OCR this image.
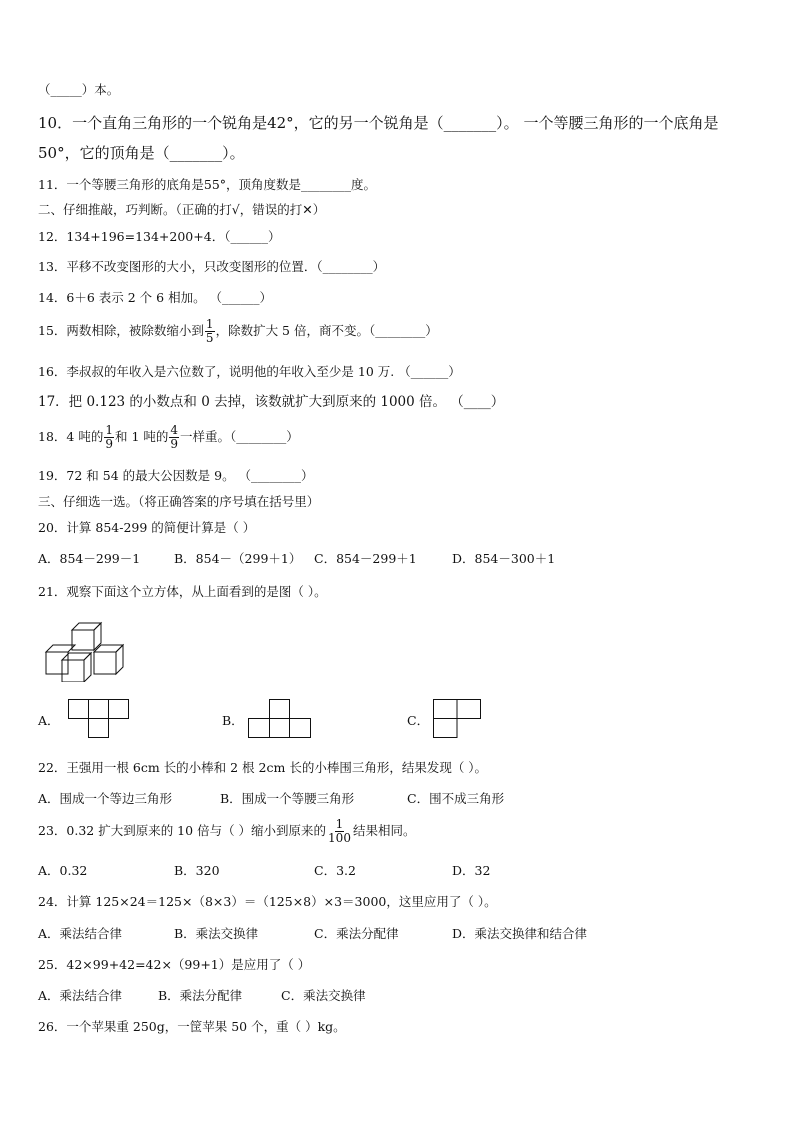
（_____）本。
10．一个直角三角形的一个锐角是42°，它的另一个锐角是（_______）。 一个等腰三角形的一个底角是
50°，它的顶角是（_______）。
11．一个等腰三角形的底角是55°，顶角度数是________度。
二、仔细推敲，巧判断。（正确的打√，错误的打✕）
12．134+196=134+200+4．（______）
13．平移不改变图形的大小，只改变图形的位置．（________）
14．6＋6 表示 2 个 6 相加。 （______）
15．两数相除，被除数缩小到 $\frac{1}{5}$ ，除数扩大 5 倍，商不变。（________）
16．李叔叔的年收入是六位数了，说明他的年收入至少是 10 万. （______）
17．把 0.123 的小数点和 0 去掉，该数就扩大到原来的 1000 倍。 （____）
18．4 吨的 $\frac{1}{9}$ 和 1 吨的 $\frac{4}{9}$ 一样重。（________）
19．72 和 54 的最大公因数是 9。 （________）
三、仔细选一选。（将正确答案的序号填在括号里）
20．计算 854-299 的简便计算是（ ）
A．854－299－1	B．854－（299＋1） C．854－299＋1	D．854－300＋1
21．观察下面这个立方体，从上面看到的是图（ ）。
A．	B．	C．
22．王强用一根 6cm 长的小棒和 2 根 2cm 长的小棒围三角形，结果发现（ ）。
A．围成一个等边三角形	B．围成一个等腰三角形	C．围不成三角形
23．0.32 扩大到原来的 10 倍与（ ）缩小到原来的 $\frac{1}{100}$ 结果相同。
A．0.32	B．320	C．3.2	D．32
24．计算 125×24＝125×（8×3）＝（125×8）×3＝3000，这里应用了（ ）。
A．乘法结合律	B．乘法交换律	C．乘法分配律	D．乘法交换律和结合律
25．42×99+42=42×（99+1）是应用了（ ）
A．乘法结合律	B．乘法分配律	C．乘法交换律
26．一个苹果重 250g，一筐苹果 50 个，重（ ）kg。
